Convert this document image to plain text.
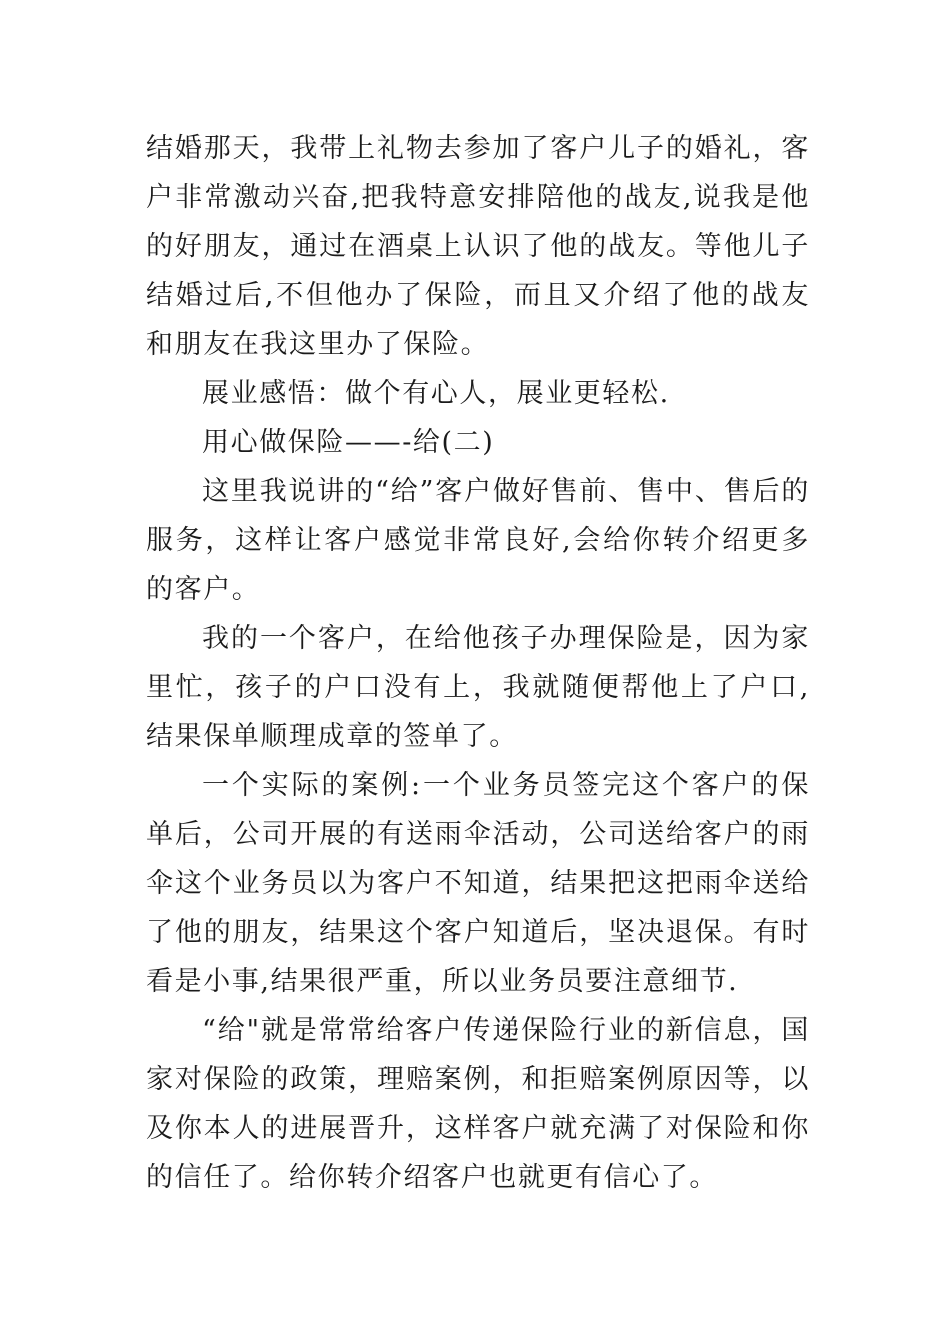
结婚那天，我带上礼物去参加了客户儿子的婚礼，客户非常激动兴奋,把我特意安排陪他的战友,说我是他的好朋友，通过在酒桌上认识了他的战友。等他儿子结婚过后,不但他办了保险，而且又介绍了他的战友和朋友在我这里办了保险。

展业感悟：做个有心人，展业更轻松.

用心做保险——-给(二)

这里我说讲的“给”客户做好售前、售中、售后的服务，这样让客户感觉非常良好,会给你转介绍更多的客户。

我的一个客户，在给他孩子办理保险是，因为家里忙，孩子的户口没有上，我就随便帮他上了户口,结果保单顺理成章的签单了。

一个实际的案例:一个业务员签完这个客户的保单后，公司开展的有送雨伞活动，公司送给客户的雨伞这个业务员以为客户不知道，结果把这把雨伞送给了他的朋友，结果这个客户知道后，坚决退保。有时看是小事,结果很严重，所以业务员要注意细节.

“给"就是常常给客户传递保险行业的新信息，国家对保险的政策，理赔案例，和拒赔案例原因等，以及你本人的进展晋升，这样客户就充满了对保险和你的信任了。给你转介绍客户也就更有信心了。
